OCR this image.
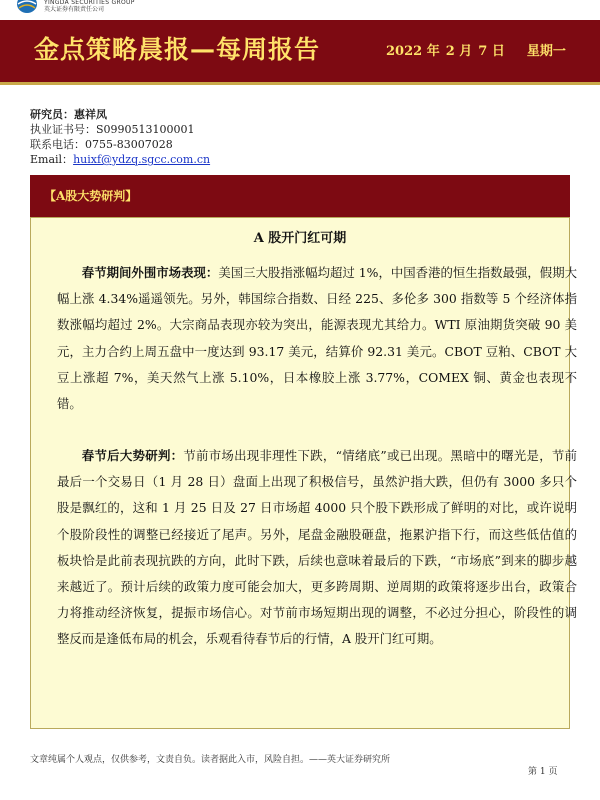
YINGDA SECURITIES GROUP
英大证券有限责任公司
金点策略晨报—每周报告	2022 年 2 月 7 日 星期一
研究员：惠祥凤
执业证书号：S0990513100001
联系电话：0755-83007028
Email：huixf@ydzq.sgcc.com.cn
【A股大势研判】
A 股开门红可期

春节期间外围市场表现：美国三大股指涨幅均超过 1%，中国香港的恒生指数最强，假期大幅上涨 4.34%遥遥领先。另外，韩国综合指数、日经 225、多伦多 300 指数等 5 个经济体指数涨幅均超过 2%。大宗商品表现亦较为突出，能源表现尤其给力。WTI 原油期货突破 90 美元，主力合约上周五盘中一度达到 93.17 美元，结算价 92.31 美元。CBOT 豆粕、CBOT 大豆上涨超 7%，美天然气上涨 5.10%，日本橡胶上涨 3.77%，COMEX 铜、黄金也表现不错。

春节后大势研判：节前市场出现非理性下跌，“情绪底”或已出现。黑暗中的曙光是，节前最后一个交易日（1 月 28 日）盘面上出现了积极信号，虽然沪指大跌，但仍有 3000 多只个股是飘红的，这和 1 月 25 日及 27 日市场超 4000 只个股下跌形成了鲜明的对比，或许说明个股阶段性的调整已经接近了尾声。另外，尾盘金融股砸盘，拖累沪指下行，而这些低估值的板块恰是此前表现抗跌的方向，此时下跌，后续也意味着最后的下跌，“市场底”到来的脚步越来越近了。预计后续的政策力度可能会加大，更多跨周期、逆周期的政策将逐步出台，政策合力将推动经济恢复，提振市场信心。对节前市场短期出现的调整，不必过分担心，阶段性的调整反而是逢低布局的机会，乐观看待春节后的行情，A 股开门红可期。

文章纯属个人观点，仅供参考，文责自负。读者据此入市，风险自担。——英大证券研究所
第 1 页
